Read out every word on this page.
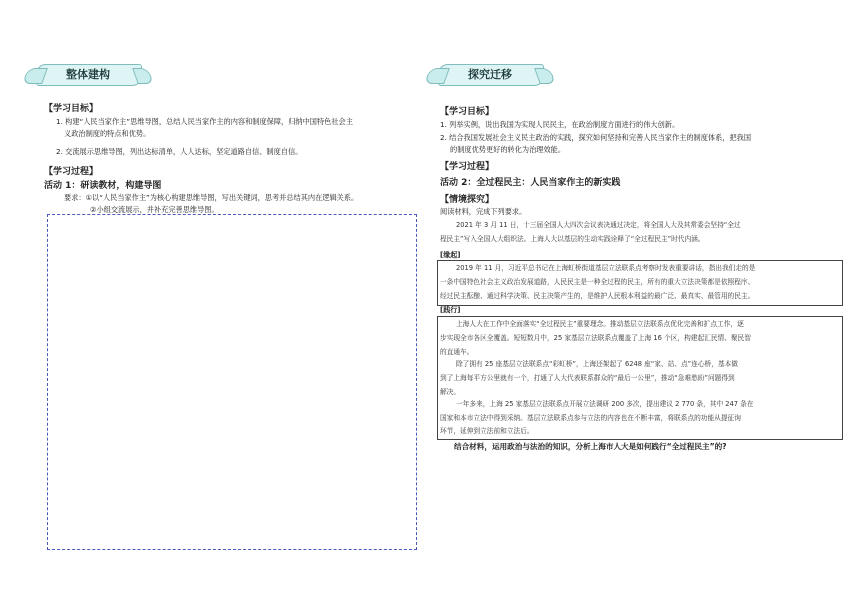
整体建构
【学习目标】
1. 构建“人民当家作主”思维导图，总结人民当家作主的内容和制度保障，归纳中国特色社会主
义政治制度的特点和优势。
2. 交流展示思维导图，列出达标清单，人人达标，坚定道路自信、制度自信。
【学习过程】
活动 1：研读教材，构建导图
要求：①以“人民当家作主”为核心构建思维导图，写出关键词，思考并总结其内在逻辑关系。
②小组交流展示，并补充完善思维导图。
探究迁移
【学习目标】
1. 列举实例，说出我国为实现人民民主，在政治制度方面进行的伟大创新。
2. 结合我国发展社会主义民主政治的实践，探究如何坚持和完善人民当家作主的制度体系，把我国
的制度优势更好的转化为治理效能。
【学习过程】
活动 2：全过程民主：人民当家作主的新实践
【情境探究】
阅读材料，完成下列要求。
2021 年 3 月 11 日，十三届全国人大四次会议表决通过决定，将全国人大及其常委会坚持“全过
程民主”写入全国人大组织法。上海人大以基层的生动实践诠释了“全过程民主”时代内涵。
[缘起]
2019 年 11 月，习近平总书记在上海虹桥街道基层立法联系点考察时发表重要讲话，指出我们走的是
一条中国特色社会主义政治发展道路，人民民主是一种全过程的民主，所有的重大立法决策都是依照程序、
经过民主酝酿、通过科学决策、民主决策产生的，是维护人民根本利益的最广泛、最真实、最管用的民主。
[践行]
上海人大在工作中全面落实“全过程民主”重要理念。推动基层立法联系点优化完善和扩点工作，逐
步实现全市各区全覆盖。短短数月中，25 家基层立法联系点覆盖了上海 16 个区，构建起汇民情、聚民智
的直通车。
除了拥有 25 座基层立法联系点“彩虹桥”，上海还架起了 6248 座“家、站、点”连心桥，基本做
到了上海每平方公里就有一个，打通了人大代表联系群众的“最后一公里”，推动“急难愁盼”问题得到
解决。
一年多来，上海 25 家基层立法联系点开展立法调研 200 多次，提出建议 2 770 条，其中 247 条在
国家和本市立法中得到采纳。基层立法联系点参与立法的内容也在不断丰富，将联系点的功能从提征询
环节，延伸到立法前和立法后。
结合材料，运用政治与法治的知识，分析上海市人大是如何践行“全过程民主”的?
